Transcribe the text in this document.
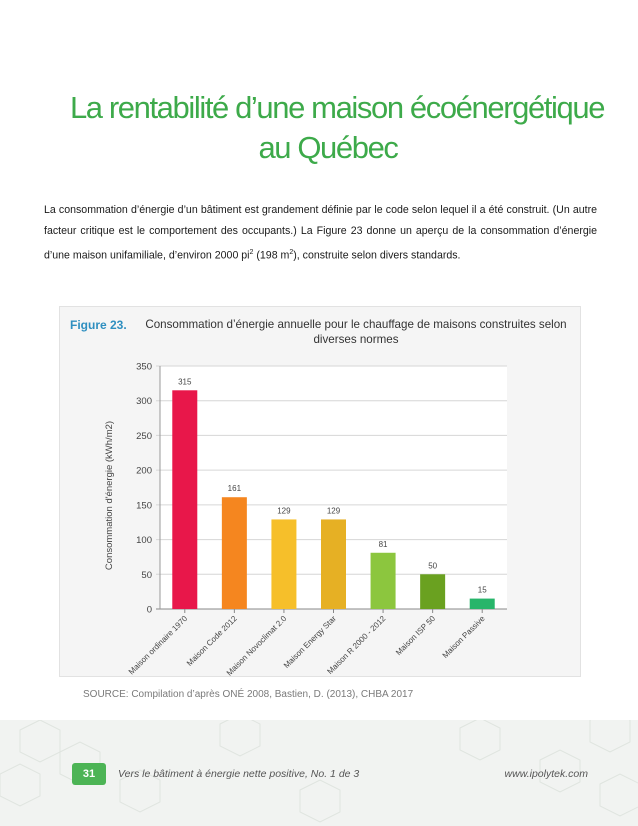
La rentabilité d’une maison écoénergétique
au Québec

La consommation d’énergie d’un bâtiment est grandement définie par le code selon lequel il a été construit. (Un autre facteur critique est le comportement des occupants.) La Figure 23 donne un aperçu de la consommation d’énergie d’une maison unifamiliale, d’environ 2000 $pi^2$ (198 $m^2$), construite selon divers standards.

Figure 23.	Consommation d’énergie annuelle pour le chauffage de maisons construites selon diverses normes
0
50
100
150
200
250
300
350
Consommation d'énergie (kWh/m2)
315
Maison ordinaire 1970
161
Maison Code 2012
129
Maison Novoclimat 2.0
129
Maison Energy Star
81
Maison R 2000 - 2012
50
Maison ISP 50
15
Maison Passive
SOURCE: Compilation d’après ONÉ 2008, Bastien, D. (2013), CHBA 2017
31	Vers le bâtiment à énergie nette positive, No. 1 de 3	www.ipolytek.com
